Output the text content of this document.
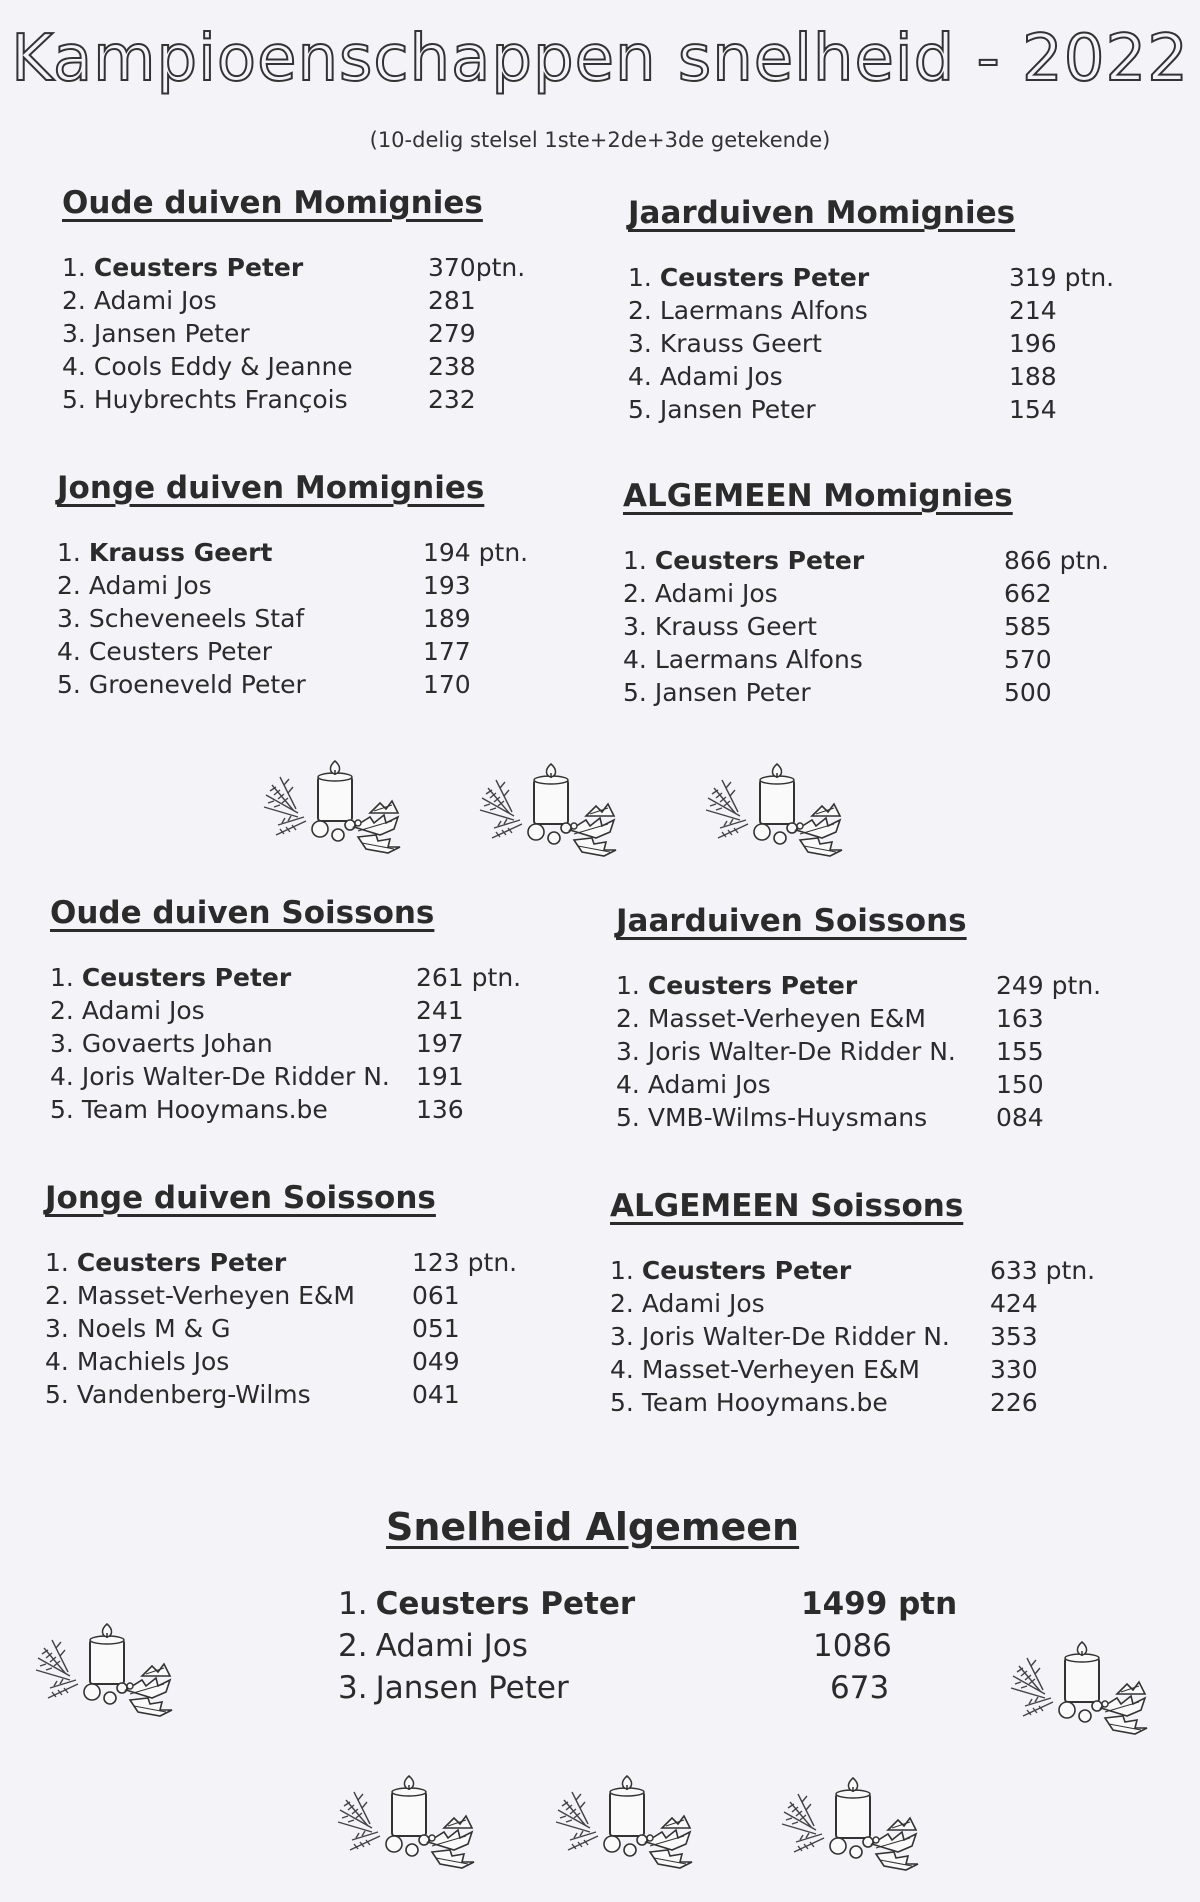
Kampioenschappen snelheid - 2022
(10-delig stelsel 1ste+2de+3de getekende)
Oude duiven Momignies
1. Ceusters Peter	370ptn.
2. Adami Jos	281
3. Jansen Peter	279
4. Cools Eddy & Jeanne	238
5. Huybrechts François	232
Jaarduiven Momignies
1. Ceusters Peter	319 ptn.
2. Laermans Alfons	214
3. Krauss Geert	196
4. Adami Jos	188
5. Jansen Peter	154
Jonge duiven Momignies
1. Krauss Geert	194 ptn.
2. Adami Jos	193
3. Scheveneels Staf	189
4. Ceusters Peter	177
5. Groeneveld Peter	170
ALGEMEEN Momignies
1. Ceusters Peter	866 ptn.
2. Adami Jos	662
3. Krauss Geert	585
4. Laermans Alfons	570
5. Jansen Peter	500
Oude duiven Soissons
1. Ceusters Peter	261 ptn.
2. Adami Jos	241
3. Govaerts Johan	197
4. Joris Walter-De Ridder N. 191
5. Team Hooymans.be	136
Jaarduiven Soissons
1. Ceusters Peter	249 ptn.
2. Masset-Verheyen E&M	163
3. Joris Walter-De Ridder N. 155
4. Adami Jos	150
5. VMB-Wilms-Huysmans	084
Jonge duiven Soissons
1. Ceusters Peter	123 ptn.
2. Masset-Verheyen E&M 061
3. Noels M & G	051
4. Machiels Jos	049
5. Vandenberg-Wilms	041
ALGEMEEN Soissons
1. Ceusters Peter	633 ptn.
2. Adami Jos	424
3. Joris Walter-De Ridder N. 353
4. Masset-Verheyen E&M	330
5. Team Hooymans.be	226
Snelheid Algemeen
1. Ceusters Peter	1499 ptn
2. Adami Jos	1086
3. Jansen Peter	673
